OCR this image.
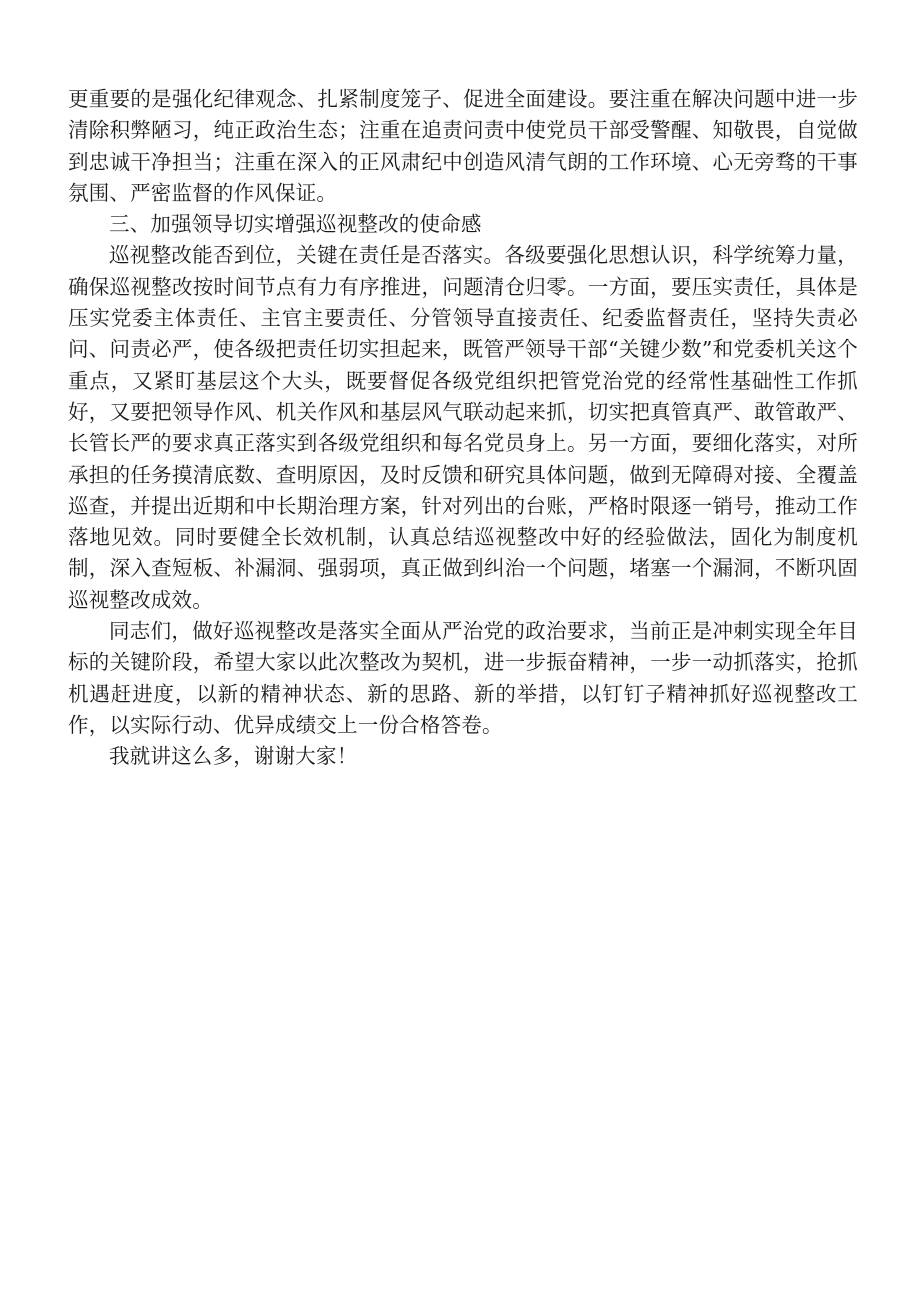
更重要的是强化纪律观念、扎紧制度笼子、促进全面建设。要注重在解决问题中进一步清除积弊陋习，纯正政治生态；注重在追责问责中使党员干部受警醒、知敬畏，自觉做到忠诚干净担当；注重在深入的正风肃纪中创造风清气朗的工作环境、心无旁骛的干事氛围、严密监督的作风保证。

三、加强领导切实增强巡视整改的使命感

巡视整改能否到位，关键在责任是否落实。各级要强化思想认识，科学统筹力量，确保巡视整改按时间节点有力有序推进，问题清仓归零。一方面，要压实责任，具体是压实党委主体责任、主官主要责任、分管领导直接责任、纪委监督责任，坚持失责必问、问责必严，使各级把责任切实担起来，既管严领导干部“关键少数”和党委机关这个重点，又紧盯基层这个大头，既要督促各级党组织把管党治党的经常性基础性工作抓好，又要把领导作风、机关作风和基层风气联动起来抓，切实把真管真严、敢管敢严、长管长严的要求真正落实到各级党组织和每名党员身上。另一方面，要细化落实，对所承担的任务摸清底数、查明原因，及时反馈和研究具体问题，做到无障碍对接、全覆盖巡查，并提出近期和中长期治理方案，针对列出的台账，严格时限逐一销号，推动工作落地见效。同时要健全长效机制，认真总结巡视整改中好的经验做法，固化为制度机制，深入查短板、补漏洞、强弱项，真正做到纠治一个问题，堵塞一个漏洞，不断巩固巡视整改成效。

同志们，做好巡视整改是落实全面从严治党的政治要求，当前正是冲刺实现全年目标的关键阶段，希望大家以此次整改为契机，进一步振奋精神，一步一动抓落实，抢抓机遇赶进度，以新的精神状态、新的思路、新的举措，以钉钉子精神抓好巡视整改工作，以实际行动、优异成绩交上一份合格答卷。

我就讲这么多，谢谢大家！
